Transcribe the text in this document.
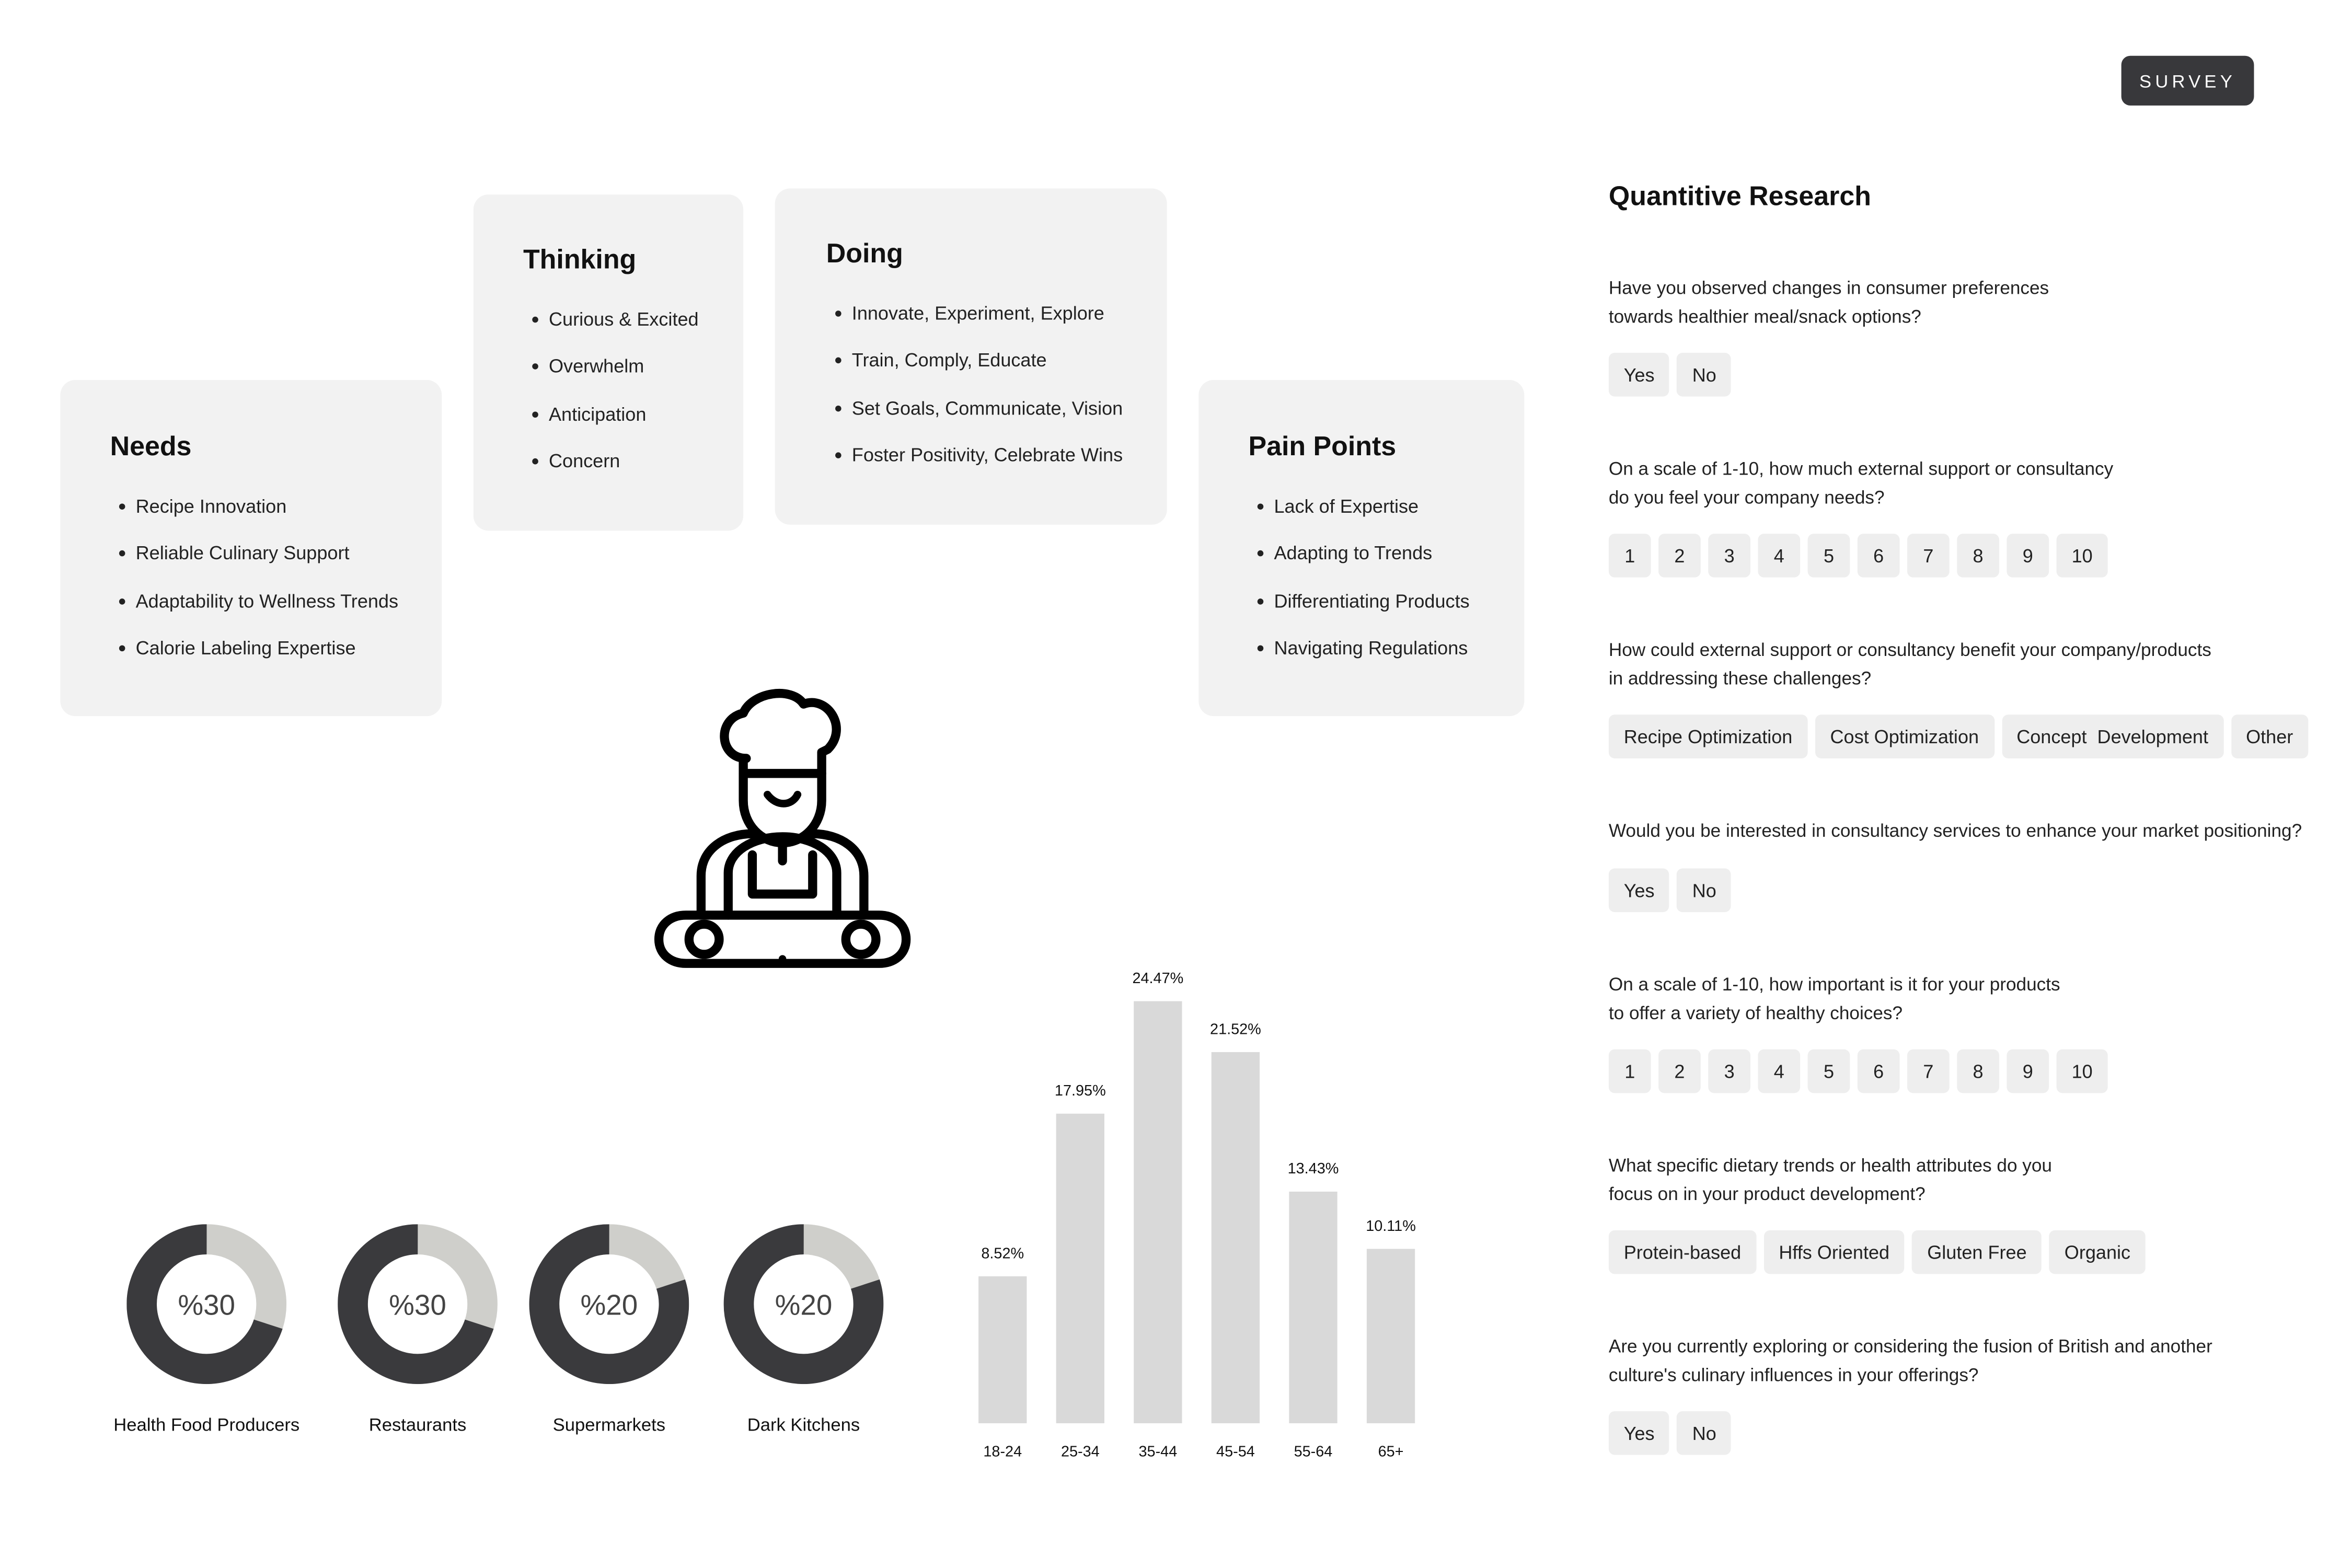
SURVEY
Needs
Recipe Innovation
Reliable Culinary Support
Adaptability to Wellness Trends
Calorie Labeling Expertise
Thinking
Curious & Excited
Overwhelm
Anticipation
Concern
Doing
Innovate, Experiment, Explore
Train, Comply, Educate
Set Goals, Communicate, Vision
Foster Positivity, Celebrate Wins	Pain Points
Lack of Expertise
Adapting to Trends
Differentiating Products
Navigating Regulations
%30
Health Food Producers
%30
Restaurants
%20
Supermarkets
%20
Dark Kitchens
8.52%
18-24
17.95%
25-34
24.47%
35-44
21.52%
45-54
13.43%
55-64
10.11%
65+
Quantitive Research
Have you observed changes in consumer preferences
towards healthier meal/snack options?
Yes	No
On a scale of 1-10, how much external support or consultancy
do you feel your company needs?
1	2	3	4	5	6	7	8	9	10
How could external support or consultancy benefit your company/products
in addressing these challenges?
Recipe Optimization	Cost Optimization	Concept  Development	Other
Would you be interested in consultancy services to enhance your market positioning?
Yes	No
On a scale of 1-10, how important is it for your products
to offer a variety of healthy choices?
1	2	3	4	5	6	7	8	9	10
What specific dietary trends or health attributes do you
focus on in your product development?
Protein-based	Hffs Oriented	Gluten Free	Organic
Are you currently exploring or considering the fusion of British and another
culture's culinary influences in your offerings?
Yes	No
